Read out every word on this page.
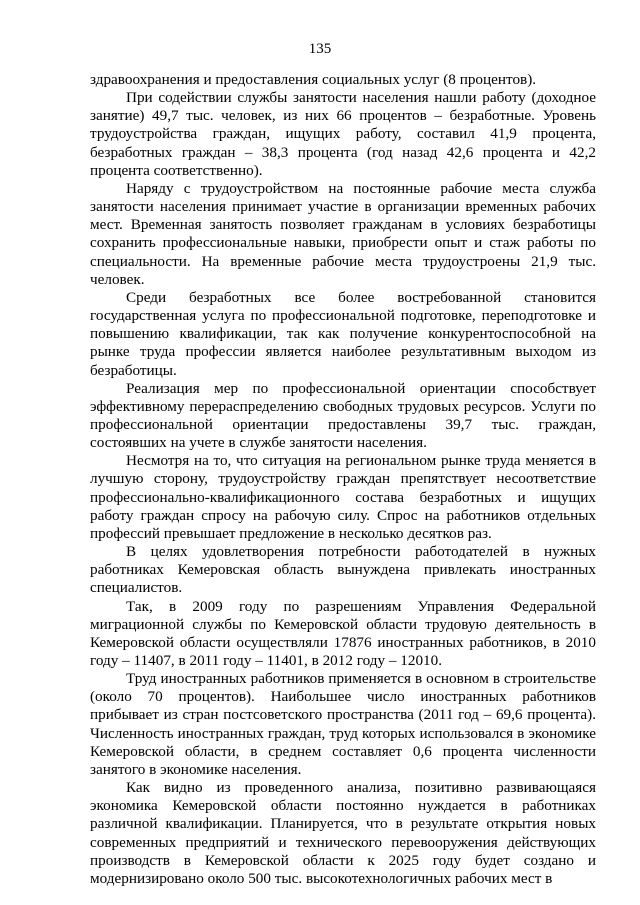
135

здравоохранения и предоставления социальных услуг (8 процентов).

При содействии службы занятости населения нашли работу (доходное занятие) 49,7 тыс. человек, из них 66 процентов – безработные. Уровень трудоустройства граждан, ищущих работу, составил 41,9 процента, безработных граждан – 38,3 процента (год назад 42,6 процента и 42,2 процента соответственно).

Наряду с трудоустройством на постоянные рабочие места служба занятости населения принимает участие в организации временных рабочих мест. Временная занятость позволяет гражданам в условиях безработицы сохранить профессиональные навыки, приобрести опыт и стаж работы по специальности. На временные рабочие места трудоустроены 21,9 тыс. человек.

Среди безработных все более востребованной становится государственная услуга по профессиональной подготовке, переподготовке и повышению квалификации, так как получение конкурентоспособной на рынке труда профессии является наиболее результативным выходом из безработицы.

Реализация мер по профессиональной ориентации способствует эффективному перераспределению свободных трудовых ресурсов. Услуги по профессиональной ориентации предоставлены 39,7 тыс. граждан, состоявших на учете в службе занятости населения.

Несмотря на то, что ситуация на региональном рынке труда меняется в лучшую сторону, трудоустройству граждан препятствует несоответствие профессионально-квалификационного состава безработных и ищущих работу граждан спросу на рабочую силу. Спрос на работников отдельных профессий превышает предложение в несколько десятков раз.

В целях удовлетворения потребности работодателей в нужных работниках Кемеровская область вынуждена привлекать иностранных специалистов.

Так, в 2009 году по разрешениям Управления Федеральной миграционной службы по Кемеровской области трудовую деятельность в Кемеровской области осуществляли 17876 иностранных работников, в 2010 году – 11407, в 2011 году – 11401, в 2012 году – 12010.

Труд иностранных работников применяется в основном в строительстве (около 70 процентов). Наибольшее число иностранных работников прибывает из стран постсоветского пространства (2011 год – 69,6 процента). Численность иностранных граждан, труд которых использовался в экономике Кемеровской области, в среднем составляет 0,6 процента численности занятого в экономике населения.

Как видно из проведенного анализа, позитивно развивающаяся экономика Кемеровской области постоянно нуждается в работниках различной квалификации. Планируется, что в результате открытия новых современных предприятий и технического перевооружения действующих производств в Кемеровской области к 2025 году будет создано и модернизировано около 500 тыс. высокотехнологичных рабочих мест в
